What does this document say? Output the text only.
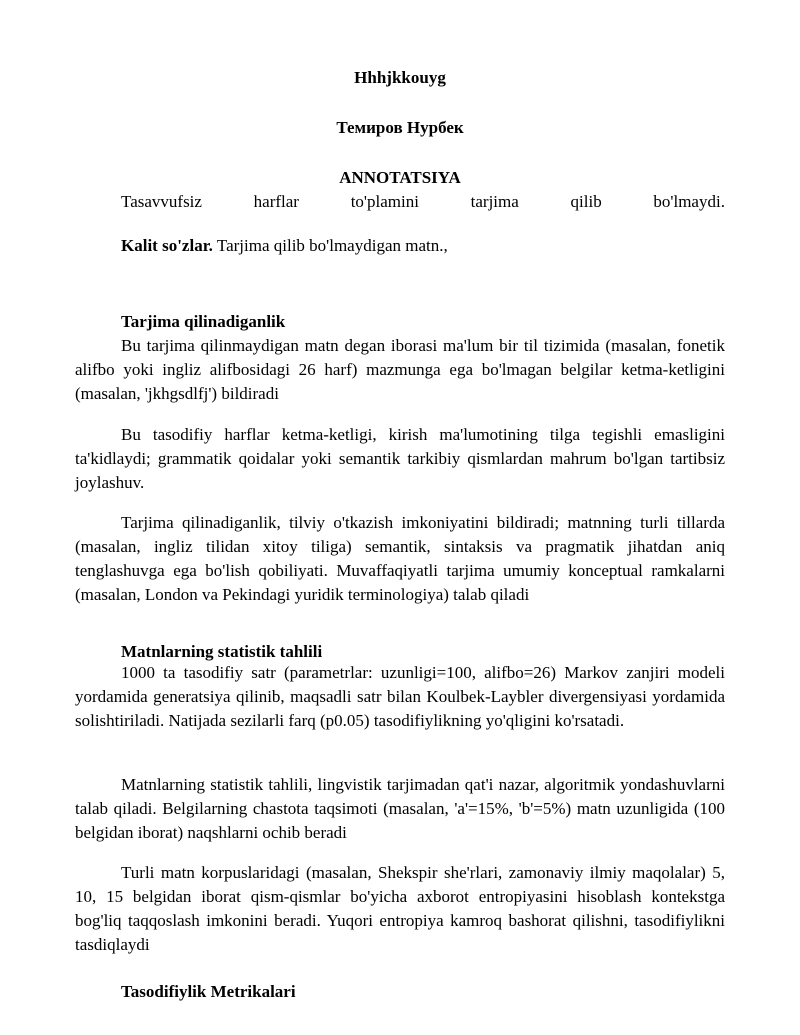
Hhhjkkouyg
Темиров Нурбек
ANNOTATSIYA
Tasavvufsiz	harflar	to'plamini	tarjima	qilib	bo'lmaydi.
Kalit so'zlar. Tarjima qilib bo'lmaydigan matn.,
Tarjima qilinadiganlik

Bu tarjima qilinmaydigan matn degan iborasi ma'lum bir til tizimida (masalan, fonetik alifbo yoki ingliz alifbosidagi 26 harf) mazmunga ega bo'lmagan belgilar ketma-ketligini (masalan, 'jkhgsdlfj') bildiradi

Bu tasodifiy harflar ketma-ketligi, kirish ma'lumotining tilga tegishli emasligini ta'kidlaydi; grammatik qoidalar yoki semantik tarkibiy qismlardan mahrum bo'lgan tartibsiz joylashuv.

Tarjima qilinadiganlik, tilviy o'tkazish imkoniyatini bildiradi; matnning turli tillarda (masalan, ingliz tilidan xitoy tiliga) semantik, sintaksis va pragmatik jihatdan aniq tenglashuvga ega bo'lish qobiliyati. Muvaffaqiyatli tarjima umumiy konceptual ramkalarni (masalan, London va Pekindagi yuridik terminologiya) talab qiladi

Matnlarning statistik tahlili

1000 ta tasodifiy satr (parametrlar: uzunligi=100, alifbo=26) Markov zanjiri modeli yordamida generatsiya qilinib, maqsadli satr bilan Koulbek-Laybler divergensiyasi yordamida solishtiriladi. Natijada sezilarli farq (p0.05) tasodifiylikning yo'qligini ko'rsatadi.

Matnlarning statistik tahlili, lingvistik tarjimadan qat'i nazar, algoritmik yondashuvlarni talab qiladi. Belgilarning chastota taqsimoti (masalan, 'a'=15%, 'b'=5%) matn uzunligida (100 belgidan iborat) naqshlarni ochib beradi

Turli matn korpuslaridagi (masalan, Shekspir she'rlari, zamonaviy ilmiy maqolalar) 5, 10, 15 belgidan iborat qism-qismlar bo'yicha axborot entropiyasini hisoblash kontekstga bog'liq taqqoslash imkonini beradi. Yuqori entropiya kamroq bashorat qilishni, tasodifiylikni tasdiqlaydi

Tasodifiylik Metrikalari
